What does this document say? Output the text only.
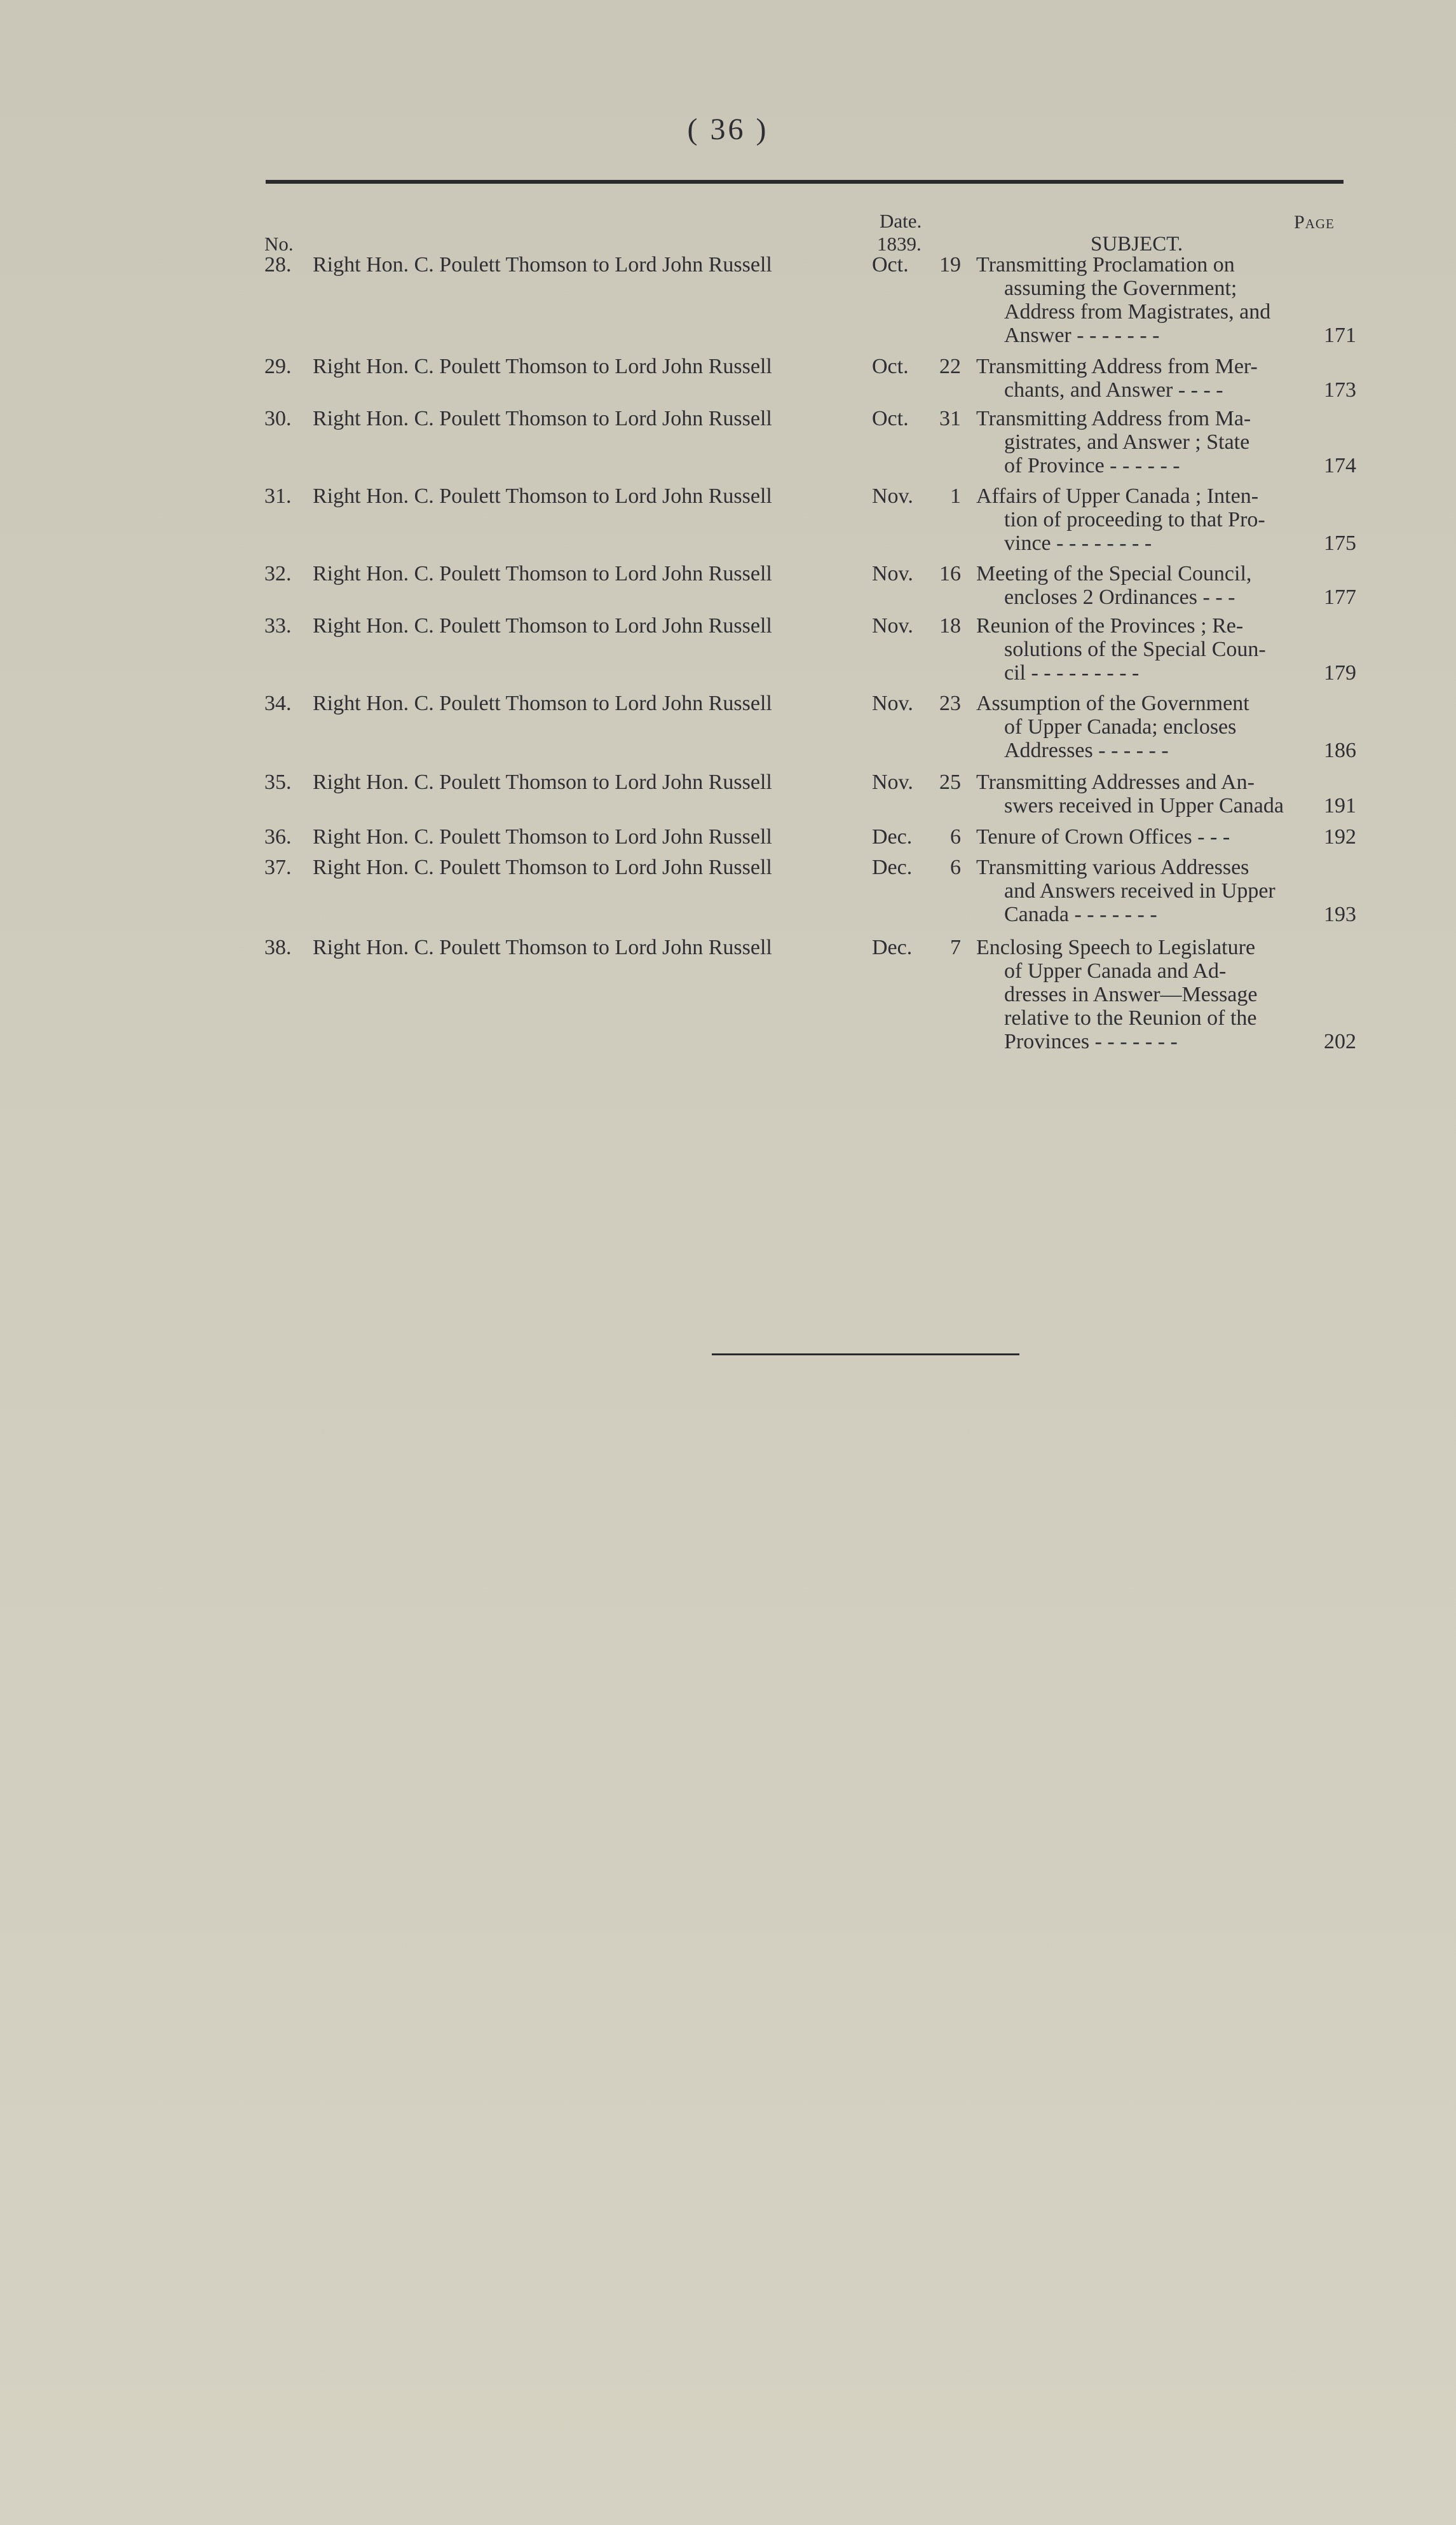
( 36 )
No.
Date.
1839.	SUBJECT.
Page
28. Right Hon. C. Poulett Thomson to Lord John Russell	Oct.	19 Transmitting Proclamation on
assuming the Government;
Address from Magistrates, and
Answer - - - - - - -	171
29. Right Hon. C. Poulett Thomson to Lord John Russell	Oct.	22 Transmitting Address from Mer-
chants, and Answer - - - -	173
30. Right Hon. C. Poulett Thomson to Lord John Russell	Oct.	31 Transmitting Address from Ma-
gistrates, and Answer ; State
of Province - - - - - -	174
31. Right Hon. C. Poulett Thomson to Lord John Russell	Nov.	1 Affairs of Upper Canada ; Inten-
tion of proceeding to that Pro-
vince - - - - - - - -	175
32. Right Hon. C. Poulett Thomson to Lord John Russell	Nov.	16 Meeting of the Special Council,
encloses 2 Ordinances - - -	177
33. Right Hon. C. Poulett Thomson to Lord John Russell	Nov.	18 Reunion of the Provinces ; Re-
solutions of the Special Coun-
cil - - - - - - - - -	179
34. Right Hon. C. Poulett Thomson to Lord John Russell	Nov.	23 Assumption of the Government
of Upper Canada; encloses
Addresses - - - - - -	186
35. Right Hon. C. Poulett Thomson to Lord John Russell	Nov.	25 Transmitting Addresses and An-
swers received in Upper Canada	191
36. Right Hon. C. Poulett Thomson to Lord John Russell	Dec.	6 Tenure of Crown Offices - - -	192
37. Right Hon. C. Poulett Thomson to Lord John Russell	Dec.	6 Transmitting various Addresses
and Answers received in Upper
Canada - - - - - - -	193
38. Right Hon. C. Poulett Thomson to Lord John Russell	Dec.	7 Enclosing Speech to Legislature
of Upper Canada and Ad-
dresses in Answer—Message
relative to the Reunion of the
Provinces - - - - - - -	202
